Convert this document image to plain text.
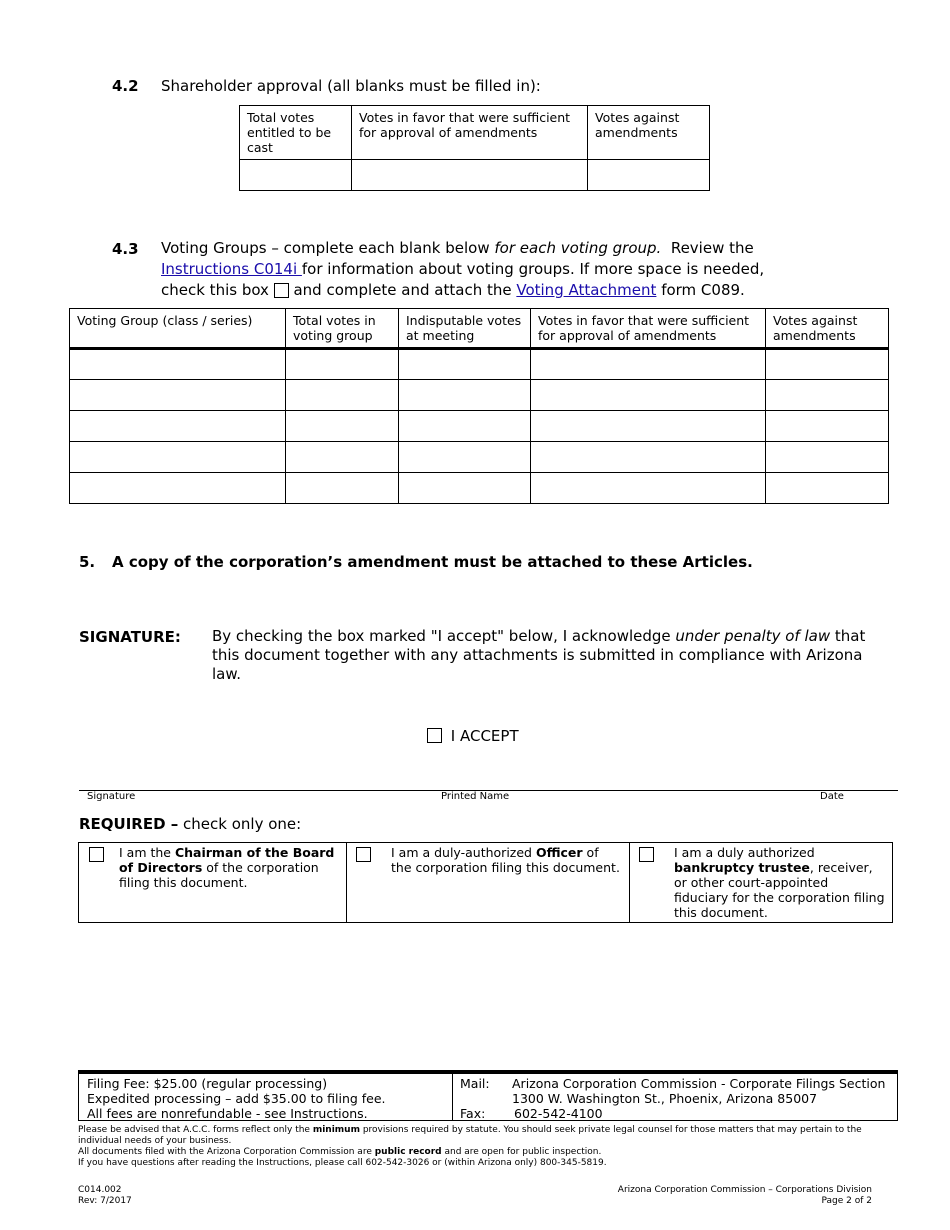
4.2 Shareholder approval (all blanks must be filled in):
Total votes entitled to be cast	Votes in favor that were sufficient for approval of amendments	Votes against amendments

4.3 Voting Groups – complete each blank below for each voting group.  Review the
Instructions C014i for information about voting groups. If more space is needed,
check this box  and complete and attach the Voting Attachment form C089.
Voting Group (class / series)	Total votes in voting group	Indisputable votes at meeting	Votes in favor that were sufficient for approval of amendments	Votes against amendments

5. A copy of the corporation’s amendment must be attached to these Articles.
SIGNATURE: By checking the box marked "I accept" below, I acknowledge under penalty of law that this document together with any attachments is submitted in compliance with Arizona law.
I ACCEPT
Signature	Printed Name	Date
REQUIRED – check only one:
I am the Chairman of the Board of Directors of the corporation filing this document.

I am a duly-authorized Officer of the corporation filing this document.

I am a duly authorized bankruptcy trustee, receiver, or other court-appointed fiduciary for the corporation filing this document.
Filing Fee: $25.00 (regular processing)
Expedited processing – add $35.00 to filing fee.
All fees are nonrefundable - see Instructions.
Mail: Arizona Corporation Commission - Corporate Filings Section
1300 W. Washington St., Phoenix, Arizona 85007
Fax: 602-542-4100
Please be advised that A.C.C. forms reflect only the minimum provisions required by statute. You should seek private legal counsel for those matters that may pertain to the individual needs of your business.
All documents filed with the Arizona Corporation Commission are public record and are open for public inspection.
If you have questions after reading the Instructions, please call 602-542-3026 or (within Arizona only) 800-345-5819.
C014.002
Rev: 7/2017
Arizona Corporation Commission – Corporations Division
Page 2 of 2
